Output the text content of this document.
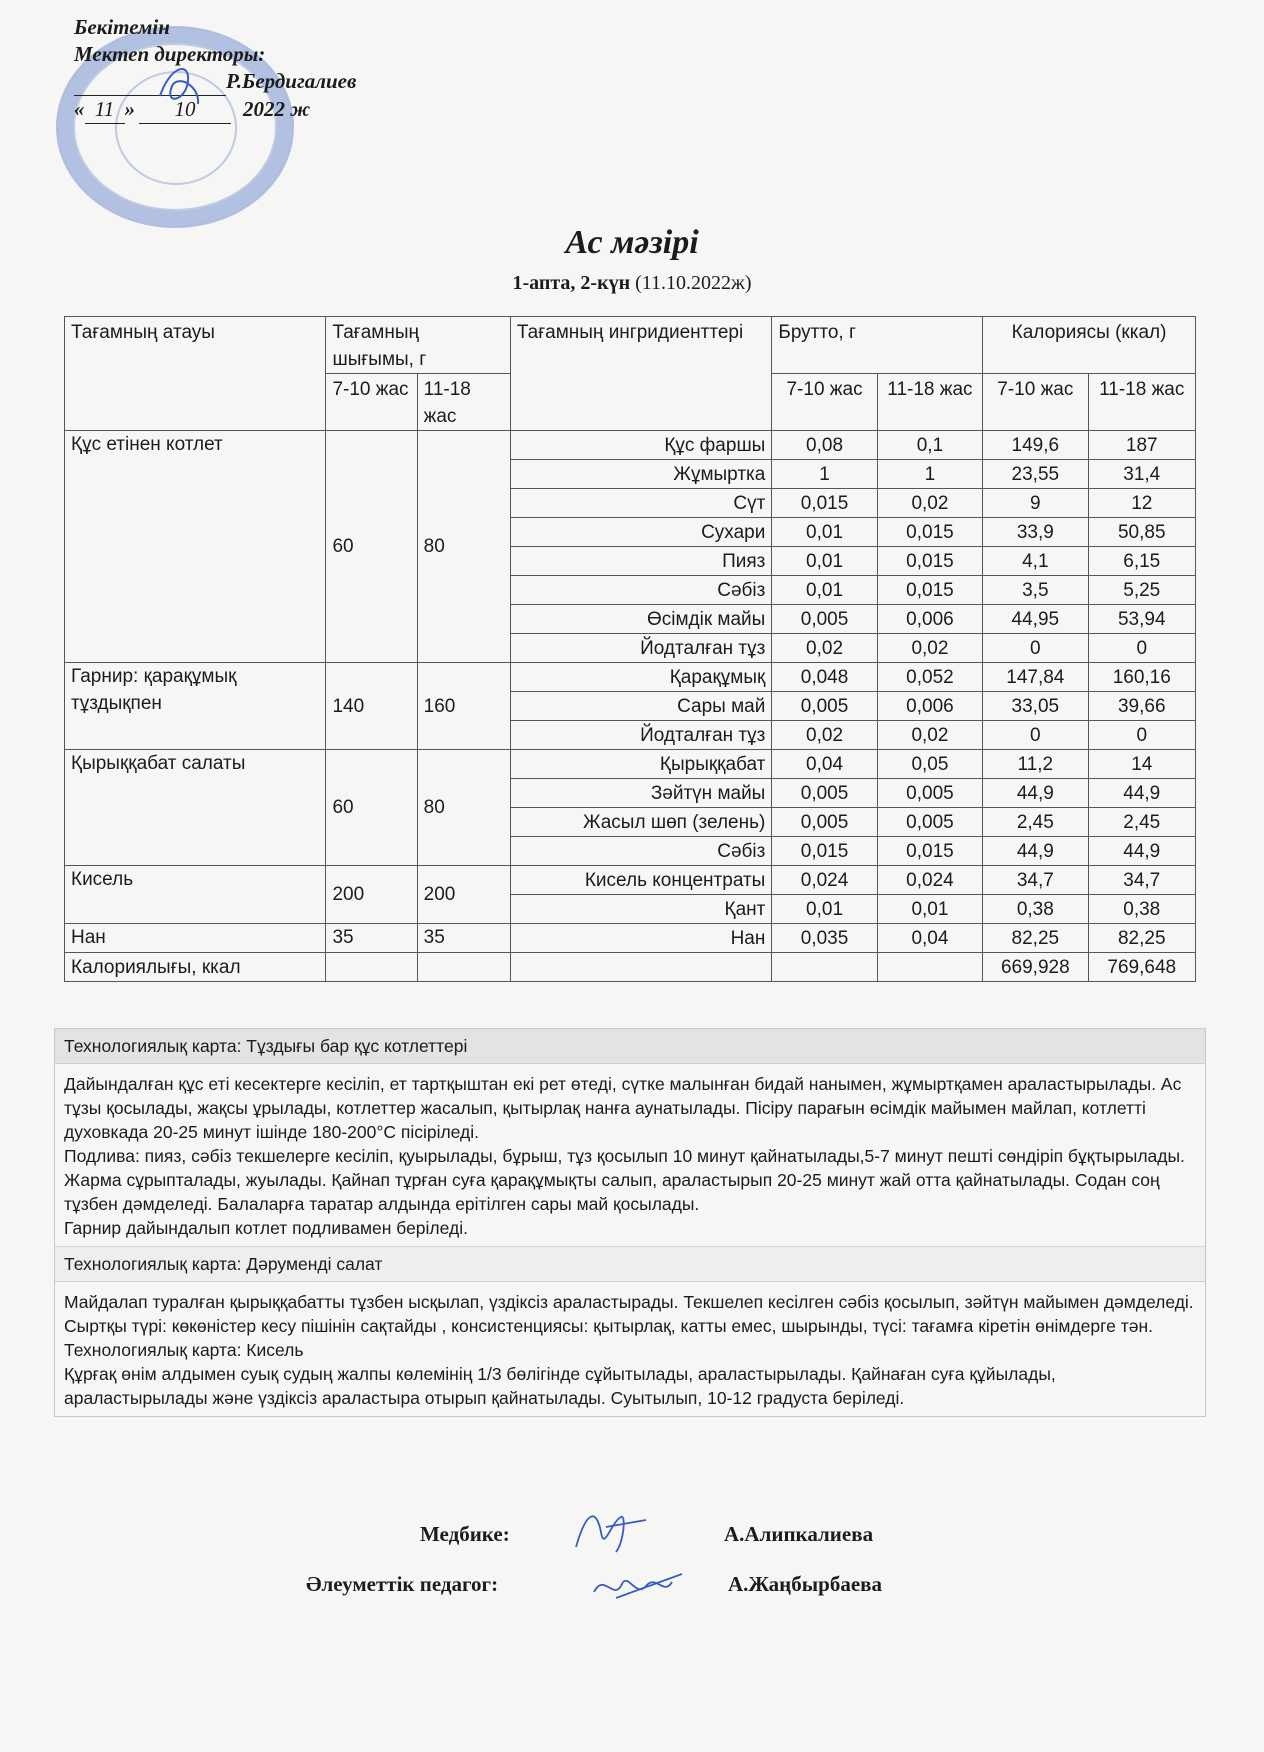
Бекітемін
Мектеп директоры:
Р.Бердигалиев
« 11 » 10 2022 ж
Ас мәзірі
1-апта, 2-күн (11.10.2022ж)
Тағамның атауы	Тағамның шығымы, г		Тағамның ингридиенттері	Брутто, г		Калориясы (ккал)	
	7-10 жас	11-18 жас		7-10 жас	11-18 жас	7-10 жас	11-18 жас
Құс етінен котлет	60	80	Құс фаршы	0,08	0,1	149,6	187
			Жұмыртка	1	1	23,55	31,4
			Сүт	0,015	0,02	9	12
			Сухари	0,01	0,015	33,9	50,85
			Пияз	0,01	0,015	4,1	6,15
			Сәбіз	0,01	0,015	3,5	5,25
			Өсімдік майы	0,005	0,006	44,95	53,94
			Йодталған тұз	0,02	0,02	0	0
Гарнир: қарақұмық тұздықпен	140	160	Қарақұмық	0,048	0,052	147,84	160,16
			Сары май	0,005	0,006	33,05	39,66
			Йодталған тұз	0,02	0,02	0	0
Қырыққабат салаты	60	80	Қырыққабат	0,04	0,05	11,2	14
			Зәйтүн майы	0,005	0,005	44,9	44,9
			Жасыл шөп (зелень)	0,005	0,005	2,45	2,45
			Сәбіз	0,015	0,015	44,9	44,9
Кисель	200	200	Кисель концентраты	0,024	0,024	34,7	34,7
			Қант	0,01	0,01	0,38	0,38
Нан	35	35	Нан	0,035	0,04	82,25	82,25
Калориялығы, ккал						669,928	769,648
Технологиялық карта: Тұздығы бар құс котлеттері

Дайындалған құс еті кесектерге кесіліп, ет тартқыштан екі рет өтеді, сүтке малынған бидай нанымен, жұмыртқамен араластырылады. Ас тұзы қосылады, жақсы ұрылады, котлеттер жасалып, қытырлақ нанға аунатылады. Пісіру парағын өсімдік майымен майлап, котлетті духовкада 20-25 минут ішінде 180-200°С пісіріледі.

Подлива: пияз, сәбіз текшелерге кесіліп, қуырылады, бұрыш, тұз қосылып 10 минут қайнатылады,5-7 минут пешті сөндіріп бұқтырылады.

Жарма сұрыпталады, жуылады. Қайнап тұрған суға қарақұмықты салып, араластырып 20-25 минут жай отта қайнатылады. Содан соң тұзбен дәмделеді. Балаларға таратар алдында ерітілген сары май қосылады.

Гарнир дайындалып котлет подливамен беріледі.

Технологиялық карта: Дәруменді салат

Майдалап туралған қырыққабатты тұзбен ысқылап, үздіксіз араластырады. Текшелеп кесілген сәбіз қосылып, зәйтүн майымен дәмделеді. Сыртқы түрі: көкөністер кесу пішінін сақтайды , консистенциясы: қытырлақ, катты емес, шырынды, түсі: тағамға кіретін өнімдерге тән.

Технологиялық карта: Кисель

Құрғақ өнім алдымен суық судың жалпы көлемінің 1/3 бөлігінде сұйытылады, араластырылады. Қайнаған суға құйылады, араластырылады және үздіксіз араластыра отырып қайнатылады. Суытылып, 10-12 градуста беріледі.

Медбике:	А.Алипкалиева
Әлеуметтік педагог:	А.Жаңбырбаева
